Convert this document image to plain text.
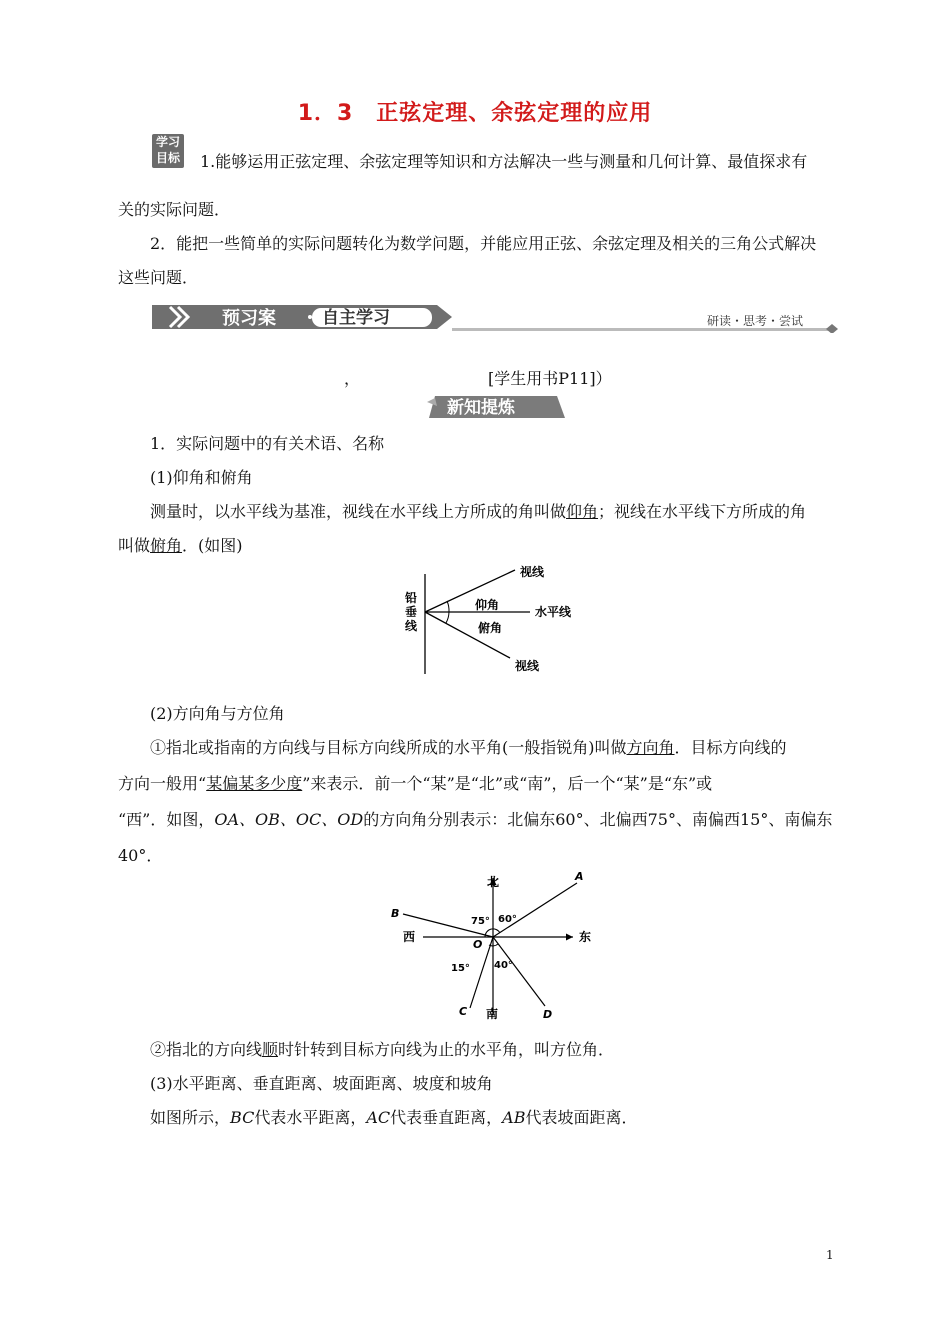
1．3　正弦定理、余弦定理的应用
学习
目标 1.能够运用正弦定理、余弦定理等知识和方法解决一些与测量和几何计算、最值探求有
关的实际问题．
2．能把一些简单的实际问题转化为数学问题，并能应用正弦、余弦定理及相关的三角公式解决
这些问题．
预习案	自主学习	研读・思考・尝试
，	[学生用书P11]）
新知提炼
1．实际问题中的有关术语、名称
(1)仰角和俯角
测量时，以水平线为基准，视线在水平线上方所成的角叫做仰角；视线在水平线下方所成的角
叫做俯角．(如图)
铅
垂
线
视线
仰角	水平线
俯角
视线
(2)方向角与方位角
①指北或指南的方向线与目标方向线所成的水平角(一般指锐角)叫做方向角．目标方向线的
方向一般用“某偏某多少度”来表示．前一个“某”是“北”或“南”，后一个“某”是“东”或
“西”．如图，OA、OB、OC、OD的方向角分别表示：北偏东60°、北偏西75°、南偏西15°、南偏东
40°．
北
南
东
西
A
B
C	D
O
75° 60°
15° 40°
②指北的方向线顺时针转到目标方向线为止的水平角，叫方位角．
(3)水平距离、垂直距离、坡面距离、坡度和坡角
如图所示，BC代表水平距离，AC代表垂直距离，AB代表坡面距离．
1
